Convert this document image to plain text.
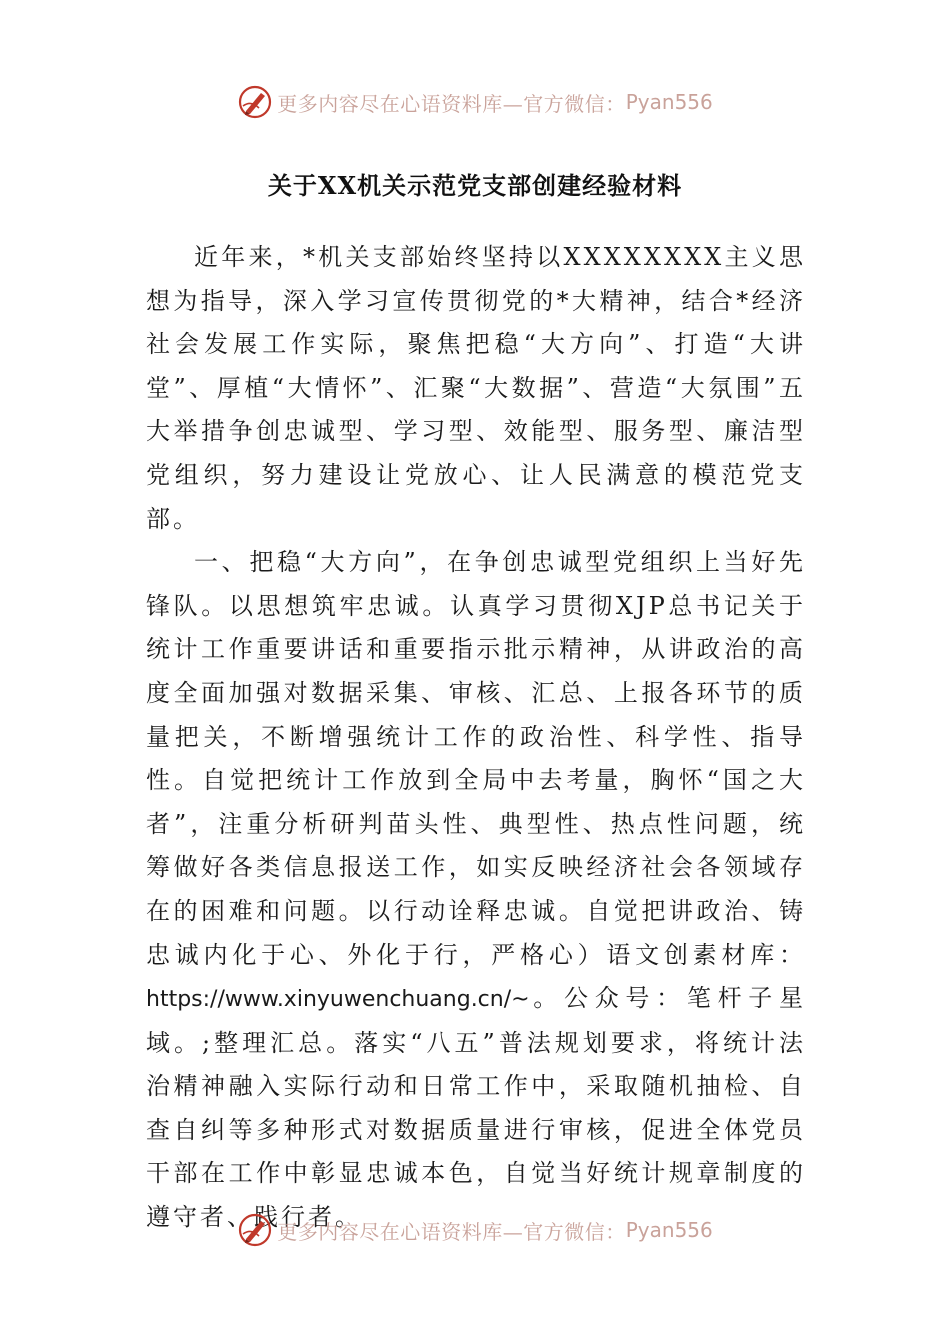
更多内容尽在心语资料库—官方微信： Pyan556
关于XX机关示范党支部创建经验材料

近年来，*机关支部始终坚持以XXXXXXXX主义思想为指导，深入学习宣传贯彻党的*大精神，结合*经济社会发展工作实际，聚焦把稳“大方向”、打造“大讲堂”、厚植“大情怀”、汇聚“大数据”、营造“大氛围”五大举措争创忠诚型、学习型、效能型、服务型、廉洁型党组织，努力建设让党放心、让人民满意的模范党支部。

一、把稳“大方向”，在争创忠诚型党组织上当好先锋队。以思想筑牢忠诚。认真学习贯彻XJP总书记关于统计工作重要讲话和重要指示批示精神，从讲政治的高度全面加强对数据采集、审核、汇总、上报各环节的质量把关，不断增强统计工作的政治性、科学性、指导性。自觉把统计工作放到全局中去考量，胸怀“国之大者”，注重分析研判苗头性、典型性、热点性问题，统筹做好各类信息报送工作，如实反映经济社会各领域存在的困难和问题。以行动诠释忠诚。自觉把讲政治、铸忠诚内化于心、外化于行，严格心）语文创素材库：https://www.xinyuwenchuang.cn/~。公众号：笔杆子星域。;整理汇总。落实“八五”普法规划要求，将统计法治精神融入实际行动和日常工作中，采取随机抽检、自查自纠等多种形式对数据质量进行审核，促进全体党员干部在工作中彰显忠诚本色，自觉当好统计规章制度的遵守者、践行者。

更多内容尽在心语资料库—官方微信： Pyan556
